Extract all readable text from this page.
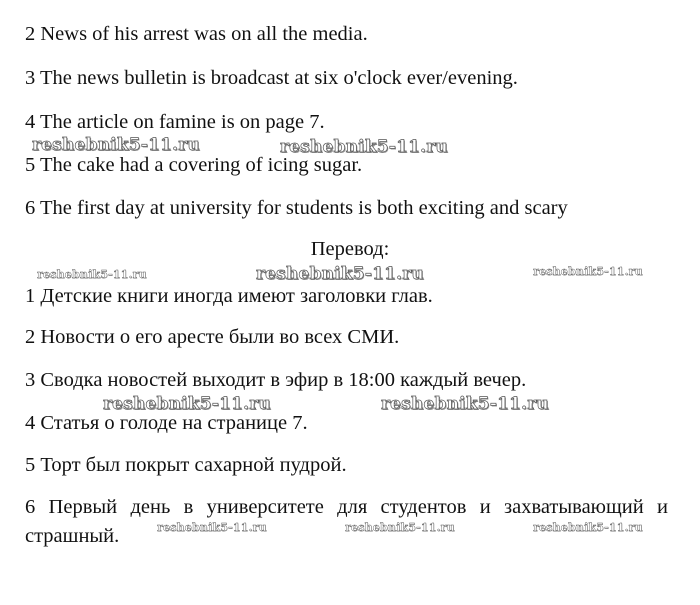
2 News of his arrest was on all the media.

3 The news bulletin is broadcast at six o'clock ever/evening.

4 The article on famine is on page 7.

5 The cake had a covering of icing sugar.

6 The first day at university for students is both exciting and scary

Перевод:

1 Детские книги иногда имеют заголовки глав.

2 Новости о его аресте были во всех СМИ.

3 Сводка новостей выходит в эфир в 18:00 каждый вечер.

4 Статья о голоде на странице 7.

5 Торт был покрыт сахарной пудрой.

6 Первый день в университете для студентов и захватывающий и страшный.

reshebnik5-11.ru	reshebnik5-11.ru
reshebnik5-11.ru	reshebnik5-11.ru	reshebnik5-11.ru
reshebnik5-11.ru	reshebnik5-11.ru
reshebnik5-11.ru	reshebnik5-11.ru	reshebnik5-11.ru
